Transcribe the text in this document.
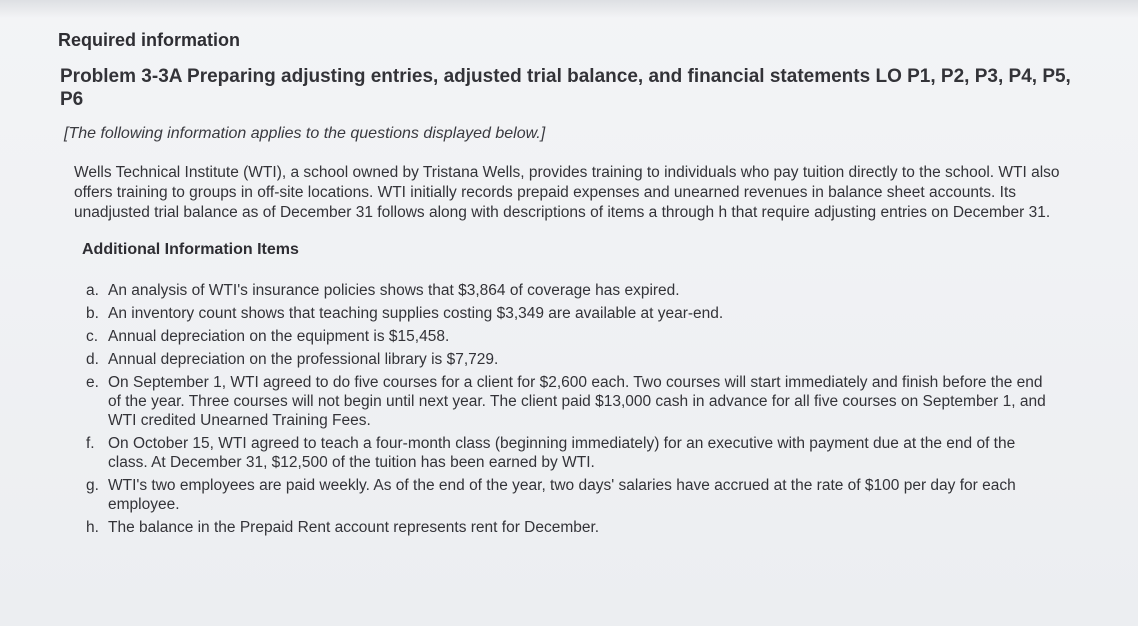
Required information
Problem 3-3A Preparing adjusting entries, adjusted trial balance, and financial statements LO P1, P2, P3, P4, P5, P6
[The following information applies to the questions displayed below.]
Wells Technical Institute (WTI), a school owned by Tristana Wells, provides training to individuals who pay tuition directly to the school. WTI also offers training to groups in off-site locations. WTI initially records prepaid expenses and unearned revenues in balance sheet accounts. Its unadjusted trial balance as of December 31 follows along with descriptions of items a through h that require adjusting entries on December 31.
Additional Information Items
a. An analysis of WTI's insurance policies shows that $3,864 of coverage has expired.
b. An inventory count shows that teaching supplies costing $3,349 are available at year-end.
c. Annual depreciation on the equipment is $15,458.
d. Annual depreciation on the professional library is $7,729.
e. On September 1, WTI agreed to do five courses for a client for $2,600 each. Two courses will start immediately and finish before the end of the year. Three courses will not begin until next year. The client paid $13,000 cash in advance for all five courses on September 1, and WTI credited Unearned Training Fees.
f. On October 15, WTI agreed to teach a four-month class (beginning immediately) for an executive with payment due at the end of the class. At December 31, $12,500 of the tuition has been earned by WTI.
g. WTI's two employees are paid weekly. As of the end of the year, two days' salaries have accrued at the rate of $100 per day for each employee.
h. The balance in the Prepaid Rent account represents rent for December.
